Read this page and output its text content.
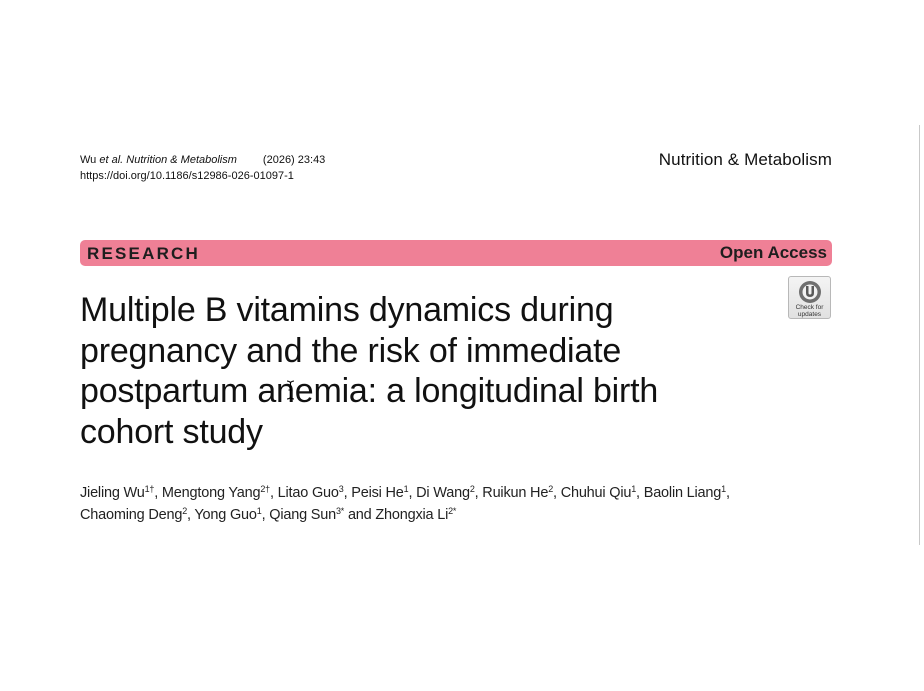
Wu et al. Nutrition & Metabolism (2026) 23:43
https://doi.org/10.1186/s12986-026-01097-1
Nutrition & Metabolism
RESEARCH	Open Access
Check for
updates
Multiple B vitamins dynamics during
pregnancy and the risk of immediate
postpartum anemia: a longitudinal birth
cohort study
Jieling $Wu^{1\dagger}$, Mengtong Yang$^{2\dagger}$, Litao Guo$^3$, Peisi He$^1$, Di Wang$^2$, Ruikun He$^2$, Chuhui Qiu$^1$, Baolin Liang$^1$,
Chaoming Deng$^2$, Yong Guo$^1$, Qiang Sun$^{3*}$ and Zhongxia $Li^{2*}$
